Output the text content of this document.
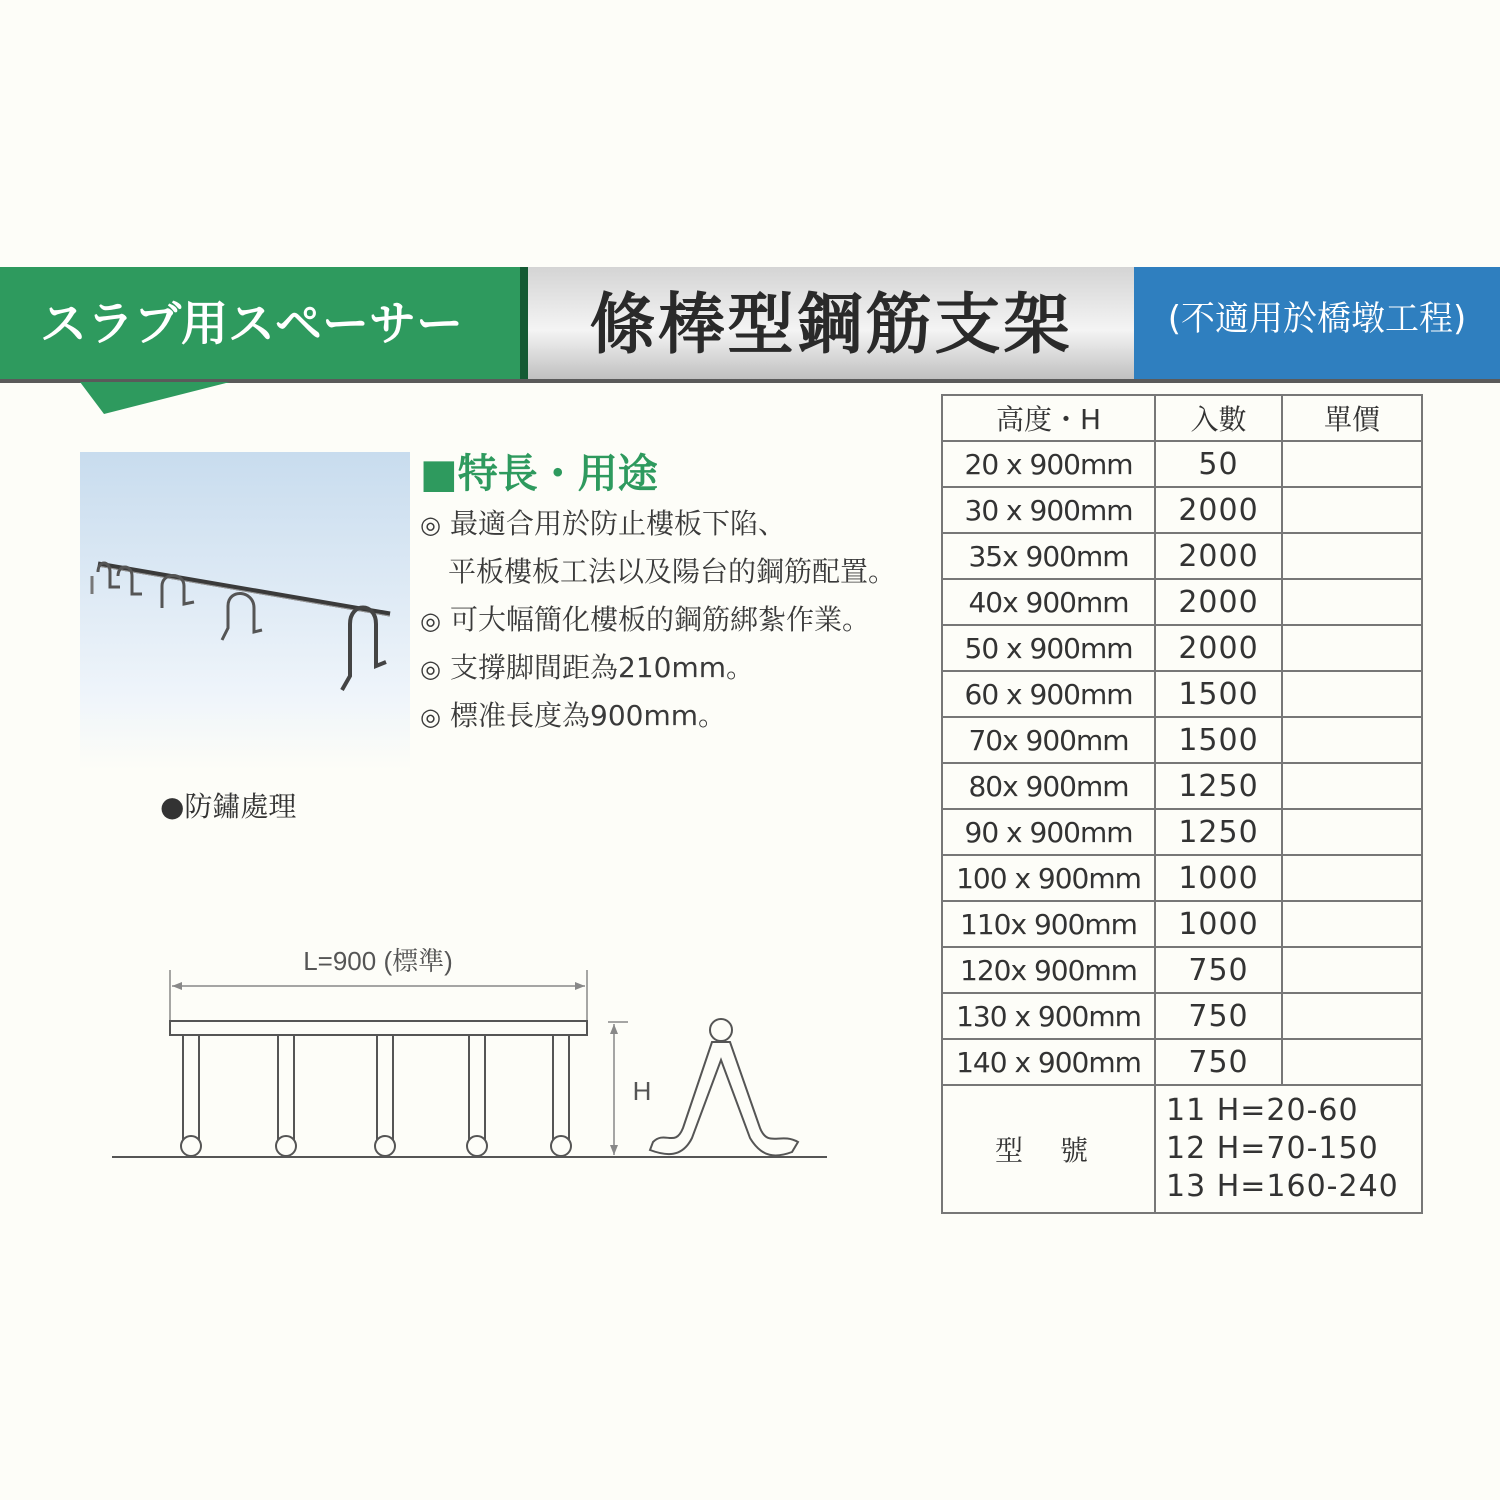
スラブ用スペーサー	條棒型鋼筋支架	(不適用於橋墩工程)
●防鏽處理
■特長・用途
◎ 最適合用於防止樓板下陷、
平板樓板工法以及陽台的鋼筋配置。
◎ 可大幅簡化樓板的鋼筋綁紮作業。
◎ 支撐脚間距為210mm。
◎ 標准長度為900mm。
L=900 (標準)
H
高度・H	入數	單價
20 x 900mm	50	
30 x 900mm	2000	
35x 900mm	2000	
40x 900mm	2000	
50 x 900mm	2000	
60 x 900mm	1500	
70x 900mm	1500	
80x 900mm	1250	
90 x 900mm	1250	
100 x 900mm	1000	
110x 900mm	1000	
120x 900mm	750	
130 x 900mm	750	
140 x 900mm	750	
型 號	11 H=20-60
12 H=70-150
13 H=160-240	
